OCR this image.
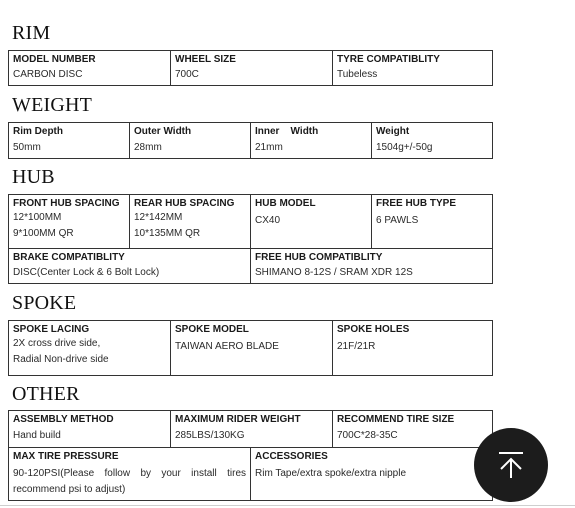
RIM
MODEL NUMBER
CARBON DISC
WHEEL SIZE
700C
TYRE COMPATIBLITY
Tubeless
WEIGHT
Rim Depth
50mm
Outer Width
28mm
Inner    Width
21mm
Weight
1504g+/-50g
HUB
FRONT HUB SPACING
12*100MM
9*100MM QR
REAR HUB SPACING
12*142MM
10*135MM QR
HUB MODEL
CX40
FREE HUB TYPE
6 PAWLS
BRAKE COMPATIBLITY
DISC(Center Lock & 6 Bolt Lock)
FREE HUB COMPATIBLITY
SHIMANO 8-12S / SRAM XDR 12S
SPOKE
SPOKE LACING
2X cross drive side,
Radial Non-drive side
SPOKE MODEL
TAIWAN AERO BLADE
SPOKE HOLES
21F/21R
OTHER
ASSEMBLY METHOD
Hand build
MAXIMUM RIDER WEIGHT
285LBS/130KG
RECOMMEND TIRE SIZE
700C*28-35C
MAX TIRE PRESSURE
90-120PSI(Please follow by your install tires recommend psi to adjust)
ACCESSORIES
Rim Tape/extra spoke/extra nipple
